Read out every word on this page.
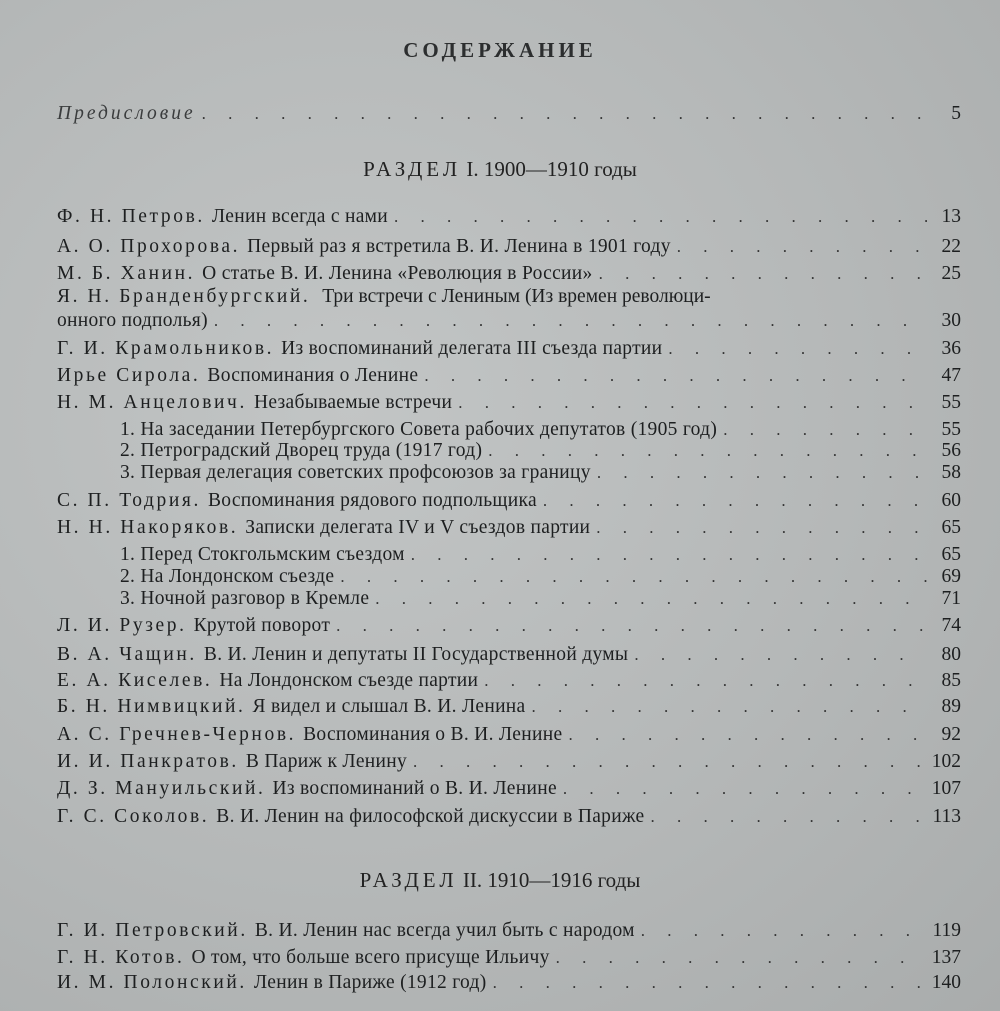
СОДЕРЖАНИЕ
Предисловие . . .	5
РАЗДЕЛ I. 1900—1910 годы
Ф. Н. Петров. Ленин всегда с нами . . .	13
А. О. Прохорова. Первый раз я встретила В. И. Ленина в 1901 году . . .	22
М. Б. Ханин. О статье В. И. Ленина «Революция в России» . . .	25
Я. Н. Бранденбургский. Три встречи с Лениным (Из времен революци-
онного подполья) . . .	30
Г. И. Крамольников. Из воспоминаний делегата III съезда партии . . .	36
Ирье Сирола. Воспоминания о Ленине . . .	47
Н. М. Анцелович. Незабываемые встречи . . .	55
1. На заседании Петербургского Совета рабочих депутатов (1905 год) . . .	55
2. Петроградский Дворец труда (1917 год) . . .	56
3. Первая делегация советских профсоюзов за границу . . .	58
С. П. Тодрия. Воспоминания рядового подпольщика . . .	60
Н. Н. Накоряков. Записки делегата IV и V съездов партии . . .	65
1. Перед Стокгольмским съездом . . .	65
2. На Лондонском съезде . . .	69
3. Ночной разговор в Кремле . . .	71
Л. И. Рузер. Крутой поворот . . .	74
В. А. Чащин. В. И. Ленин и депутаты II Государственной думы . . .	80
Е. А. Киселев. На Лондонском съезде партии . . .	85
Б. Н. Нимвицкий. Я видел и слышал В. И. Ленина . . .	89
А. С. Гречнев-Чернов. Воспоминания о В. И. Ленине . . .	92
И. И. Панкратов. В Париж к Ленину . . .	102
Д. З. Мануильский. Из воспоминаний о В. И. Ленине . . .	107
Г. С. Соколов. В. И. Ленин на философской дискуссии в Париже . . .	113
РАЗДЕЛ II. 1910—1916 годы
Г. И. Петровский. В. И. Ленин нас всегда учил быть с народом . . .	119
Г. Н. Котов. О том, что больше всего присуще Ильичу . . .	137
И. М. Полонский. Ленин в Париже (1912 год) . . .	140
